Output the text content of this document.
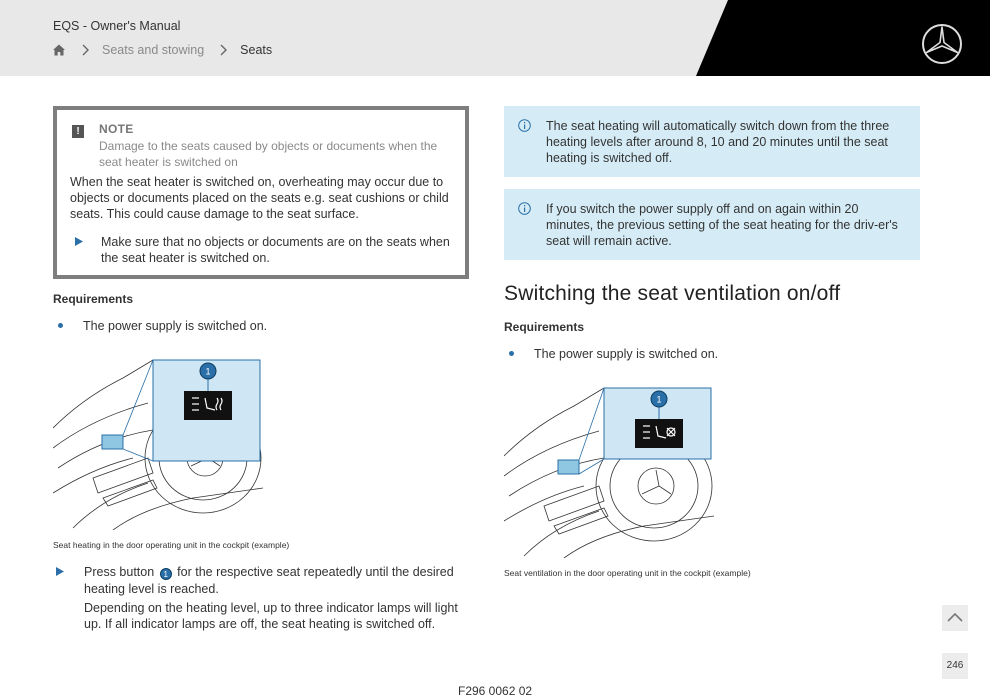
EQS - Owner's Manual
Seats and stowing	Seats
!	NOTE
Damage to the seats caused by objects or documents when the seat heater is switched on
When the seat heater is switched on, overheating may occur due to objects or documents placed on the seats e.g. seat cushions or child seats. This could cause damage to the seat surface.
Make sure that no objects or documents are on the seats when the seat heater is switched on.
Requirements
The power supply is switched on.
1
Seat heating in the door operating unit in the cockpit (example)
Press button 1 for the respective seat repeatedly until the desired heating level is reached.
Depending on the heating level, up to three indicator lamps will light up. If all indicator lamps are off, the seat heating is switched off.
The seat heating will automatically switch down from the three heating levels after around 8, 10 and 20 minutes until the seat heating is switched off.
If you switch the power supply off and on again within 20 minutes, the previous setting of the seat heating for the driv-er's seat will remain active.
Switching the seat ventilation on/off
Requirements
The power supply is switched on.
1
Seat ventilation in the door operating unit in the cockpit (example)
F296 0062 02
246
